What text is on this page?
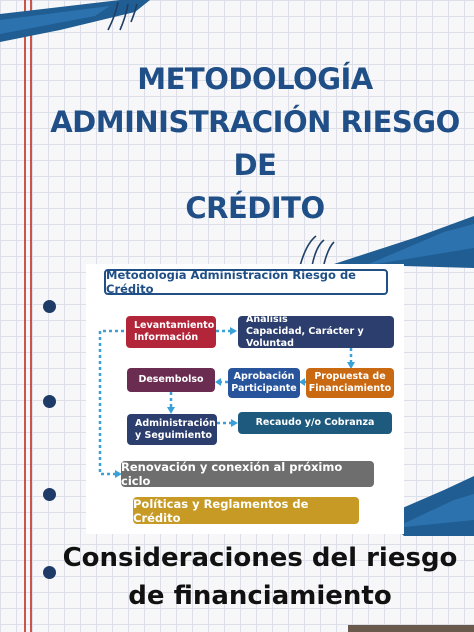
METODOLOGÍA
ADMINISTRACIÓN RIESGO DE
CRÉDITO
Metodología Administración Riesgo de Crédito
Levantamiento
Información
Análisis
Capacidad, Carácter y Voluntad
Desembolso	Aprobación
Participante
Propuesta de
Financiamiento
Administración
y Seguimiento
Recaudo y/o Cobranza
Renovación y conexión al próximo ciclo
Políticas y Reglamentos de Crédito
Consideraciones del riesgo
de financiamiento
